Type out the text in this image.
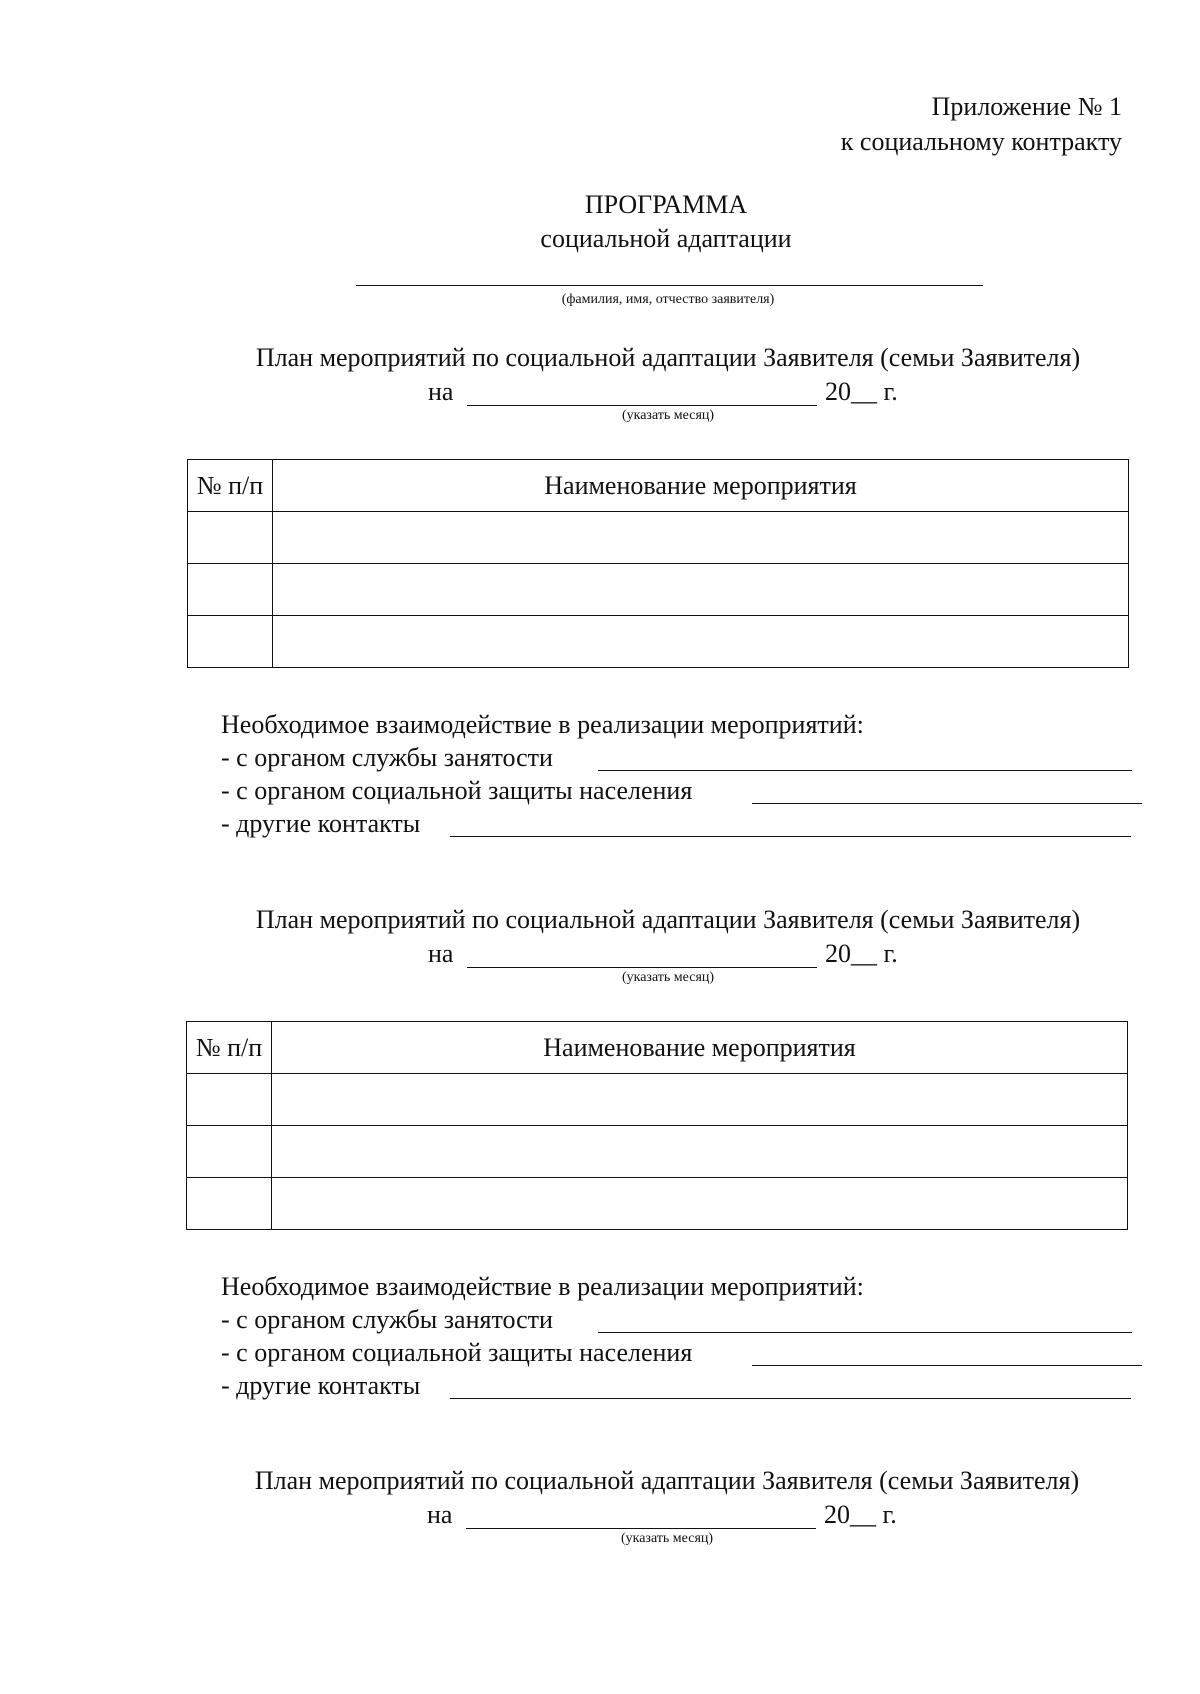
Приложение № 1
к социальному контракту
ПРОГРАММА
социальной адаптации
(фамилия, имя, отчество заявителя)
План мероприятий по социальной адаптации Заявителя (семьи Заявителя)
на	20__ г.
(указать месяц)
№ п/п	Наименование мероприятия

Необходимое взаимодействие в реализации мероприятий:
- с органом службы занятости
- с органом социальной защиты населения
- другие контакты
План мероприятий по социальной адаптации Заявителя (семьи Заявителя)
на	20__ г.
(указать месяц)
№ п/п	Наименование мероприятия

Необходимое взаимодействие в реализации мероприятий:
- с органом службы занятости
- с органом социальной защиты населения
- другие контакты
План мероприятий по социальной адаптации Заявителя (семьи Заявителя)
на	20__ г.
(указать месяц)
